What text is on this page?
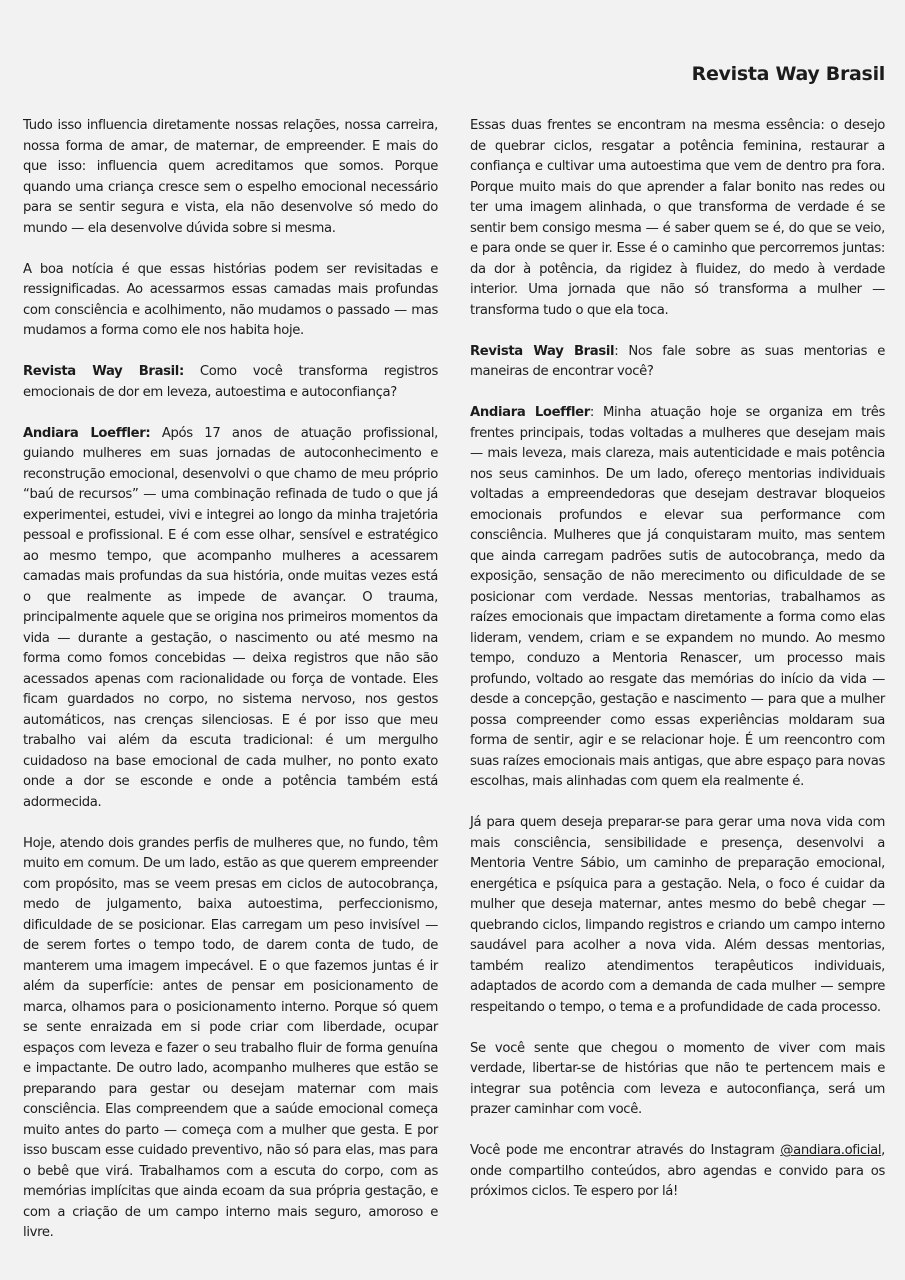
Revista Way Brasil

Tudo isso influencia diretamente nossas relações, nossa carreira, nossa forma de amar, de maternar, de empreender. E mais do que isso: influencia quem acreditamos que somos. Porque quando uma criança cresce sem o espelho emocional necessário para se sentir segura e vista, ela não desenvolve só medo do mundo — ela desenvolve dúvida sobre si mesma.

A boa notícia é que essas histórias podem ser revisitadas e ressignificadas. Ao acessarmos essas camadas mais profundas com consciência e acolhimento, não mudamos o passado — mas mudamos a forma como ele nos habita hoje.

Revista Way Brasil: Como você transforma registros emocionais de dor em leveza, autoestima e autoconfiança?

Andiara Loeffler: Após 17 anos de atuação profissional, guiando mulheres em suas jornadas de autoconhecimento e reconstrução emocional, desenvolvi o que chamo de meu próprio “baú de recursos” — uma combinação refinada de tudo o que já experimentei, estudei, vivi e integrei ao longo da minha trajetória pessoal e profissional. E é com esse olhar, sensível e estratégico ao mesmo tempo, que acompanho mulheres a acessarem camadas mais profundas da sua história, onde muitas vezes está o que realmente as impede de avançar. O trauma, principalmente aquele que se origina nos primeiros momentos da vida — durante a gestação, o nascimento ou até mesmo na forma como fomos concebidas — deixa registros que não são acessados apenas com racionalidade ou força de vontade. Eles ficam guardados no corpo, no sistema nervoso, nos gestos automáticos, nas crenças silenciosas. E é por isso que meu trabalho vai além da escuta tradicional: é um mergulho cuidadoso na base emocional de cada mulher, no ponto exato onde a dor se esconde e onde a potência também está adormecida.

Hoje, atendo dois grandes perfis de mulheres que, no fundo, têm muito em comum. De um lado, estão as que querem empreender com propósito, mas se veem presas em ciclos de autocobrança, medo de julgamento, baixa autoestima, perfeccionismo, dificuldade de se posicionar. Elas carregam um peso invisível — de serem fortes o tempo todo, de darem conta de tudo, de manterem uma imagem impecável. E o que fazemos juntas é ir além da superfície: antes de pensar em posicionamento de marca, olhamos para o posicionamento interno. Porque só quem se sente enraizada em si pode criar com liberdade, ocupar espaços com leveza e fazer o seu trabalho fluir de forma genuína e impactante. De outro lado, acompanho mulheres que estão se preparando para gestar ou desejam maternar com mais consciência. Elas compreendem que a saúde emocional começa muito antes do parto — começa com a mulher que gesta. E por isso buscam esse cuidado preventivo, não só para elas, mas para o bebê que virá. Trabalhamos com a escuta do corpo, com as memórias implícitas que ainda ecoam da sua própria gestação, e com a criação de um campo interno mais seguro, amoroso e livre.

Essas duas frentes se encontram na mesma essência: o desejo de quebrar ciclos, resgatar a potência feminina, restaurar a confiança e cultivar uma autoestima que vem de dentro pra fora. Porque muito mais do que aprender a falar bonito nas redes ou ter uma imagem alinhada, o que transforma de verdade é se sentir bem consigo mesma — é saber quem se é, do que se veio, e para onde se quer ir. Esse é o caminho que percorremos juntas: da dor à potência, da rigidez à fluidez, do medo à verdade interior. Uma jornada que não só transforma a mulher — transforma tudo o que ela toca.

Revista Way Brasil: Nos fale sobre as suas mentorias e maneiras de encontrar você?

Andiara Loeffler: Minha atuação hoje se organiza em três frentes principais, todas voltadas a mulheres que desejam mais — mais leveza, mais clareza, mais autenticidade e mais potência nos seus caminhos. De um lado, ofereço mentorias individuais voltadas a empreendedoras que desejam destravar bloqueios emocionais profundos e elevar sua performance com consciência. Mulheres que já conquistaram muito, mas sentem que ainda carregam padrões sutis de autocobrança, medo da exposição, sensação de não merecimento ou dificuldade de se posicionar com verdade. Nessas mentorias, trabalhamos as raízes emocionais que impactam diretamente a forma como elas lideram, vendem, criam e se expandem no mundo. Ao mesmo tempo, conduzo a Mentoria Renascer, um processo mais profundo, voltado ao resgate das memórias do início da vida — desde a concepção, gestação e nascimento — para que a mulher possa compreender como essas experiências moldaram sua forma de sentir, agir e se relacionar hoje. É um reencontro com suas raízes emocionais mais antigas, que abre espaço para novas escolhas, mais alinhadas com quem ela realmente é.

Já para quem deseja preparar-se para gerar uma nova vida com mais consciência, sensibilidade e presença, desenvolvi a Mentoria Ventre Sábio, um caminho de preparação emocional, energética e psíquica para a gestação. Nela, o foco é cuidar da mulher que deseja maternar, antes mesmo do bebê chegar — quebrando ciclos, limpando registros e criando um campo interno saudável para acolher a nova vida. Além dessas mentorias, também realizo atendimentos terapêuticos individuais, adaptados de acordo com a demanda de cada mulher — sempre respeitando o tempo, o tema e a profundidade de cada processo.

Se você sente que chegou o momento de viver com mais verdade, libertar-se de histórias que não te pertencem mais e integrar sua potência com leveza e autoconfiança, será um prazer caminhar com você.

Você pode me encontrar através do Instagram @andiara.oficial, onde compartilho conteúdos, abro agendas e convido para os próximos ciclos. Te espero por lá!
